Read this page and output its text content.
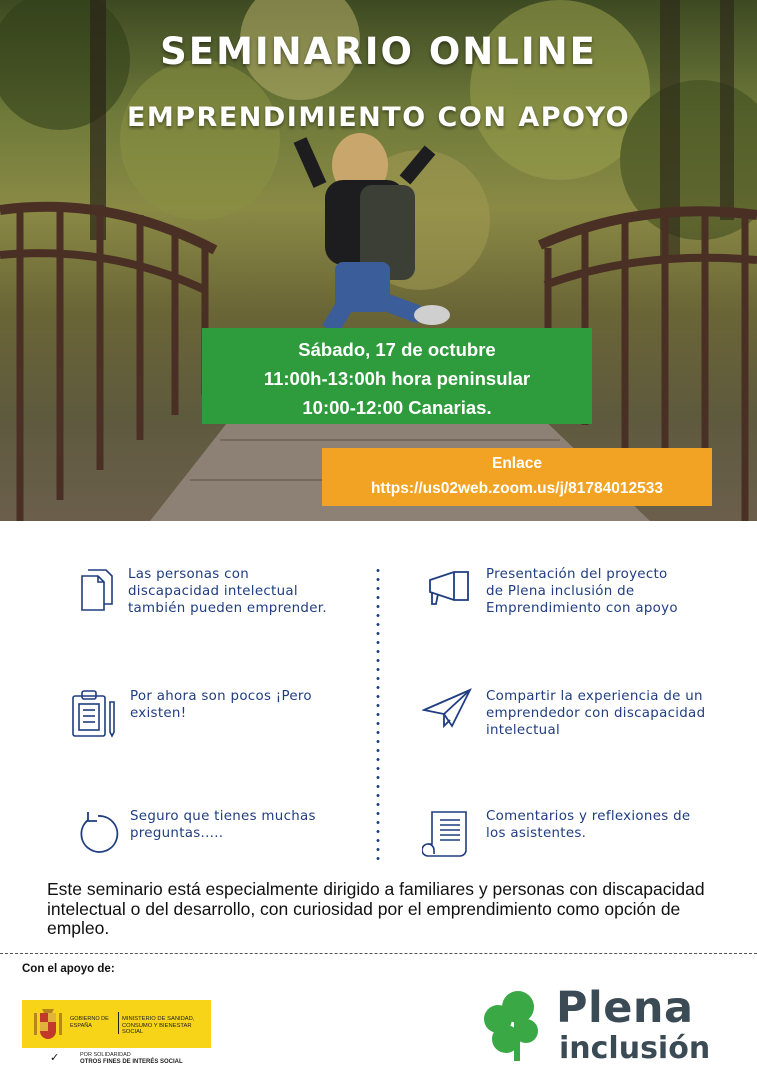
SEMINARIO ONLINE
EMPRENDIMIENTO CON APOYO
Sábado, 17 de octubre
11:00h-13:00h hora peninsular
10:00-12:00 Canarias.
Enlace
https://us02web.zoom.us/j/81784012533
Las personas con discapacidad intelectual también pueden emprender.
Por ahora son pocos ¡Pero existen!
Seguro que tienes muchas preguntas.....
Presentación del proyecto de Plena inclusión de Emprendimiento con apoyo
Compartir la experiencia de un emprendedor con discapacidad intelectual
Comentarios y reflexiones de los asistentes.
Este seminario está especialmente dirigido a familiares y personas con discapacidad intelectual o del desarrollo, con curiosidad por el emprendimiento como opción de empleo.
Con el apoyo de:
GOBIERNO DE ESPAÑA
MINISTERIO DE SANIDAD, CONSUMO Y BIENESTAR SOCIAL
✓	POR SOLIDARIDAD
OTROS FINES DE INTERÉS SOCIAL
Plena
inclusión
